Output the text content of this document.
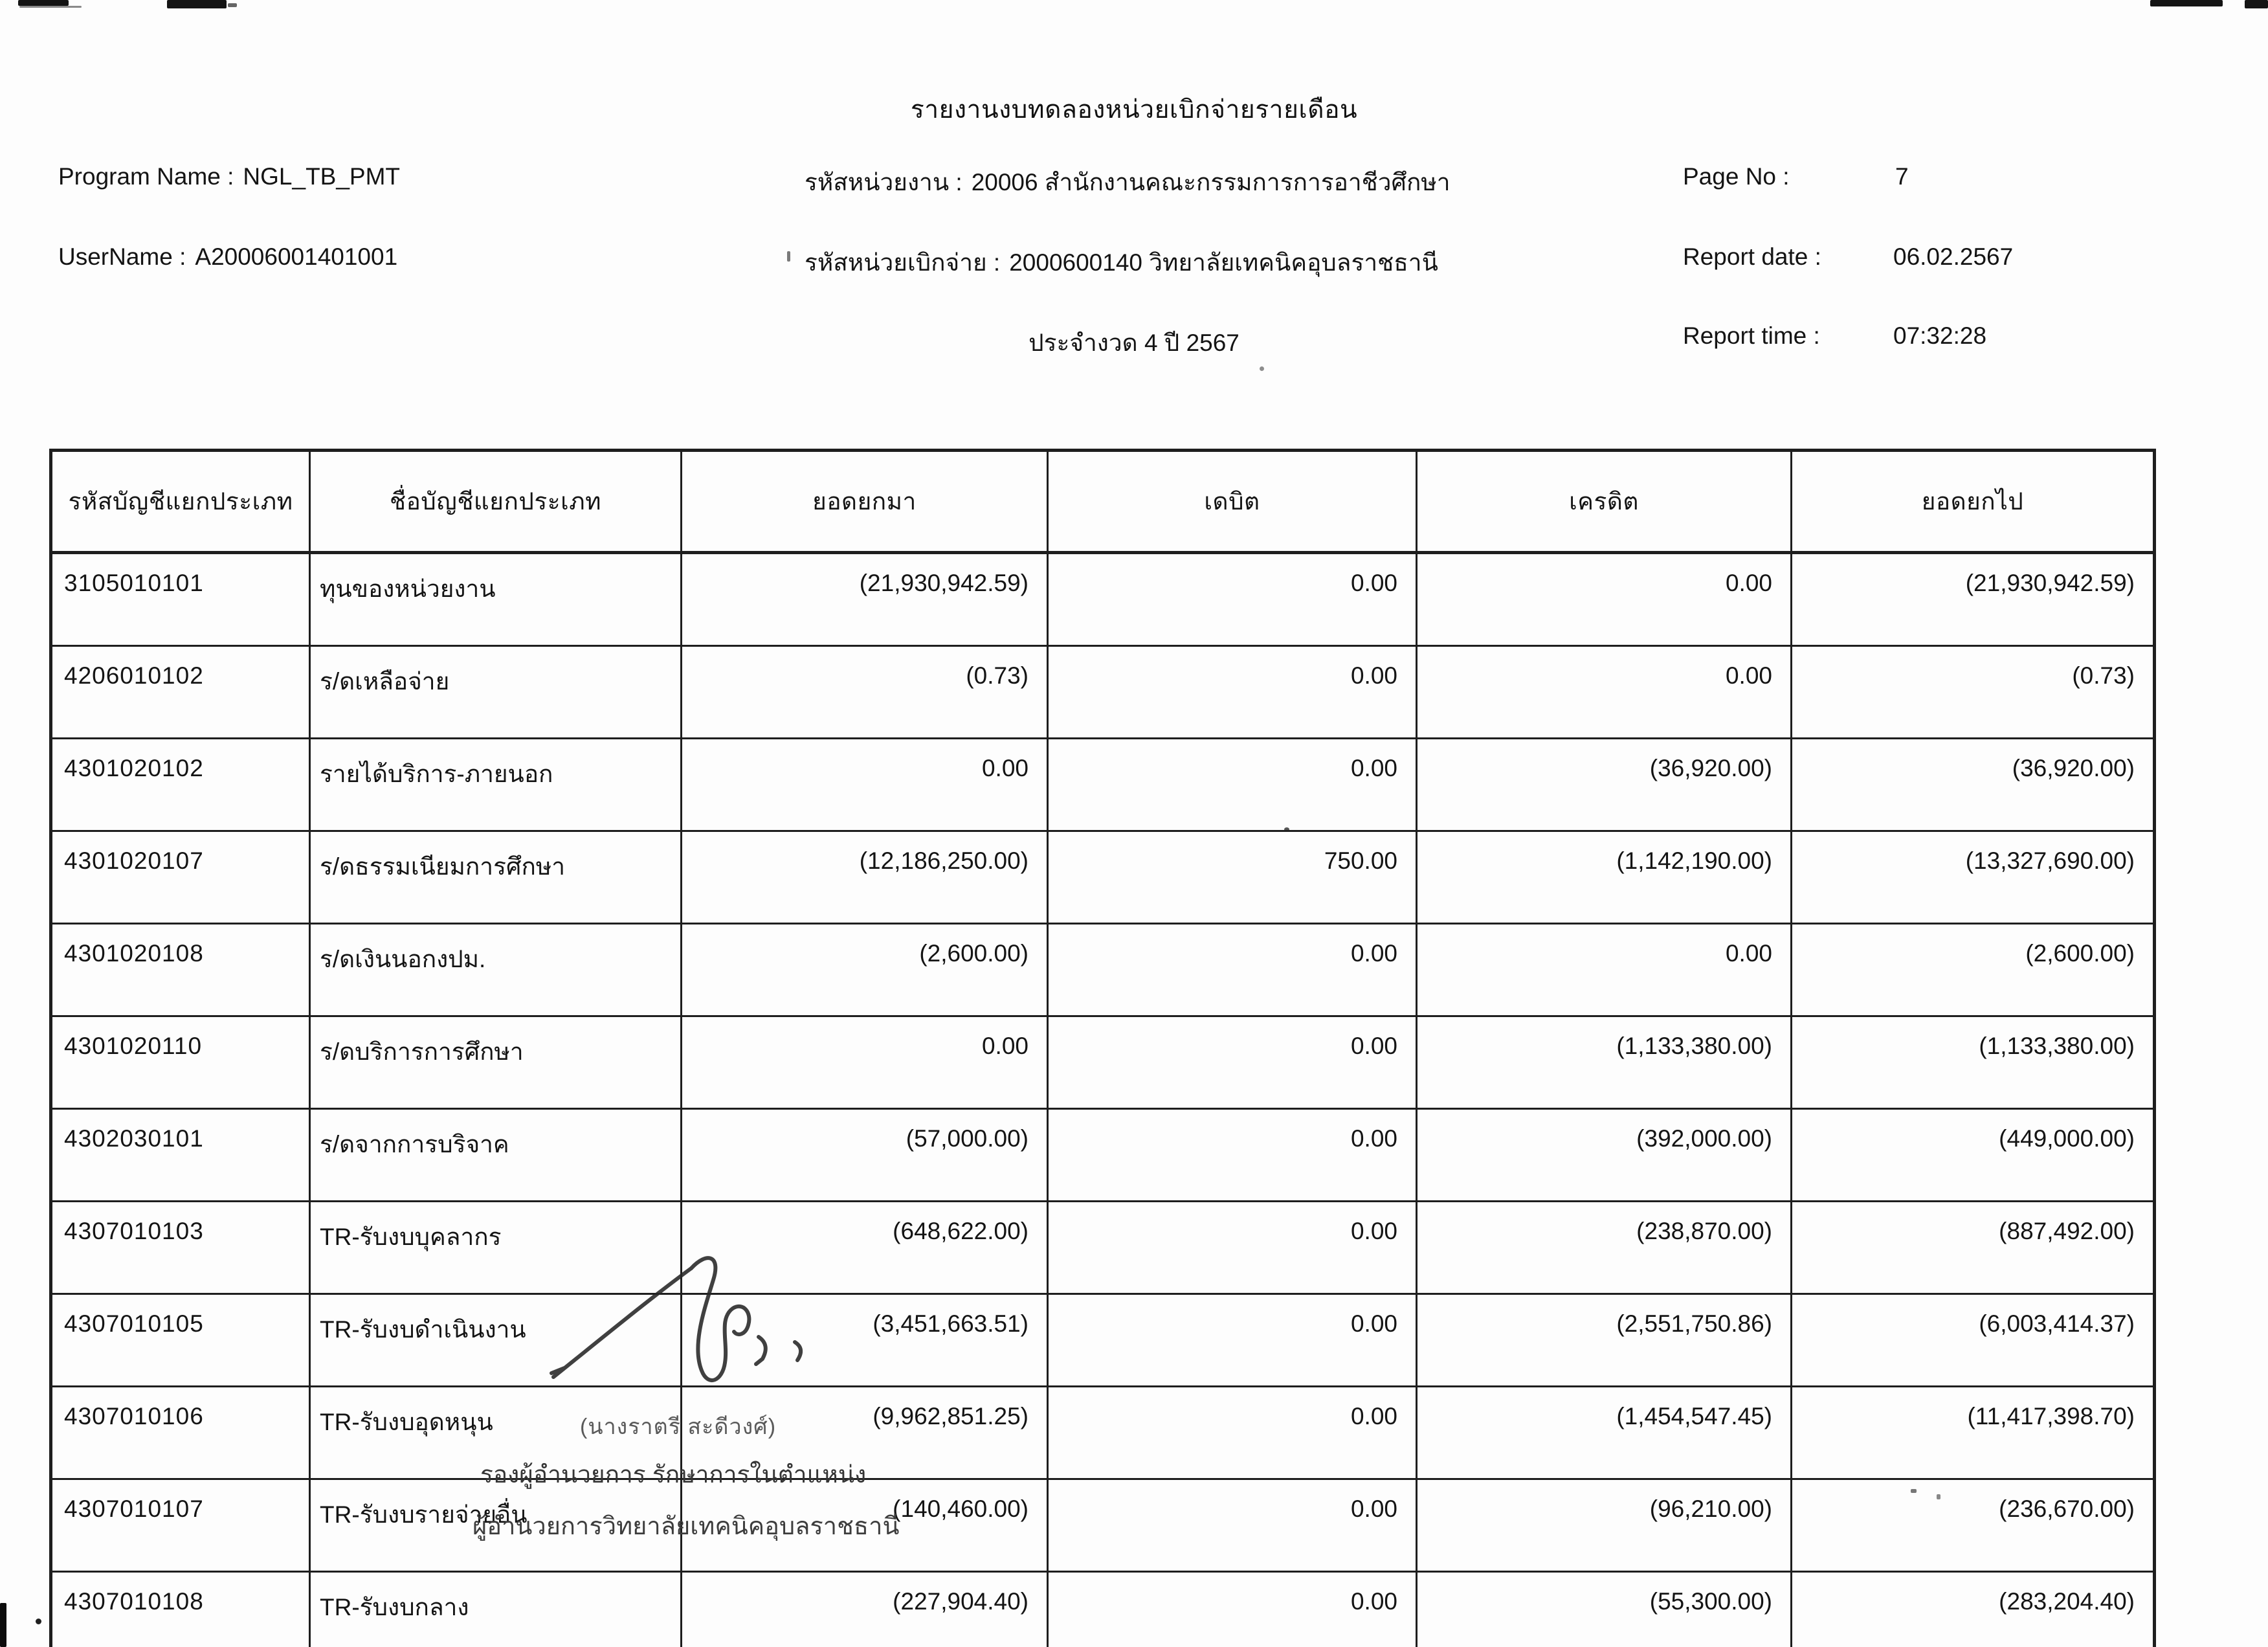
รายงานงบทดลองหน่วยเบิกจ่ายรายเดือน
Program Name : NGL_TB_PMT	รหัสหน่วยงาน : 20006 สำนักงานคณะกรรมการการอาชีวศึกษา	Page No :	7
UserName : A20006001401001	รหัสหน่วยเบิกจ่าย : 2000600140 วิทยาลัยเทคนิคอุบลราชธานี	Report date :	06.02.2567
ประจำงวด 4 ปี 2567	Report time :	07:32:28
รหัสบัญชีแยกประเภท	ชื่อบัญชีแยกประเภท	ยอดยกมา	เดบิต	เครดิต	ยอดยกไป
3105010101	ทุนของหน่วยงาน	(21,930,942.59)	0.00	0.00	(21,930,942.59)
4206010102	ร/ดเหลือจ่าย	(0.73)	0.00	0.00	(0.73)
4301020102	รายได้บริการ-ภายนอก	0.00	0.00	(36,920.00)	(36,920.00)
4301020107	ร/ดธรรมเนียมการศึกษา	(12,186,250.00)	750.00	(1,142,190.00)	(13,327,690.00)
4301020108	ร/ดเงินนอกงปม.	(2,600.00)	0.00	0.00	(2,600.00)
4301020110	ร/ดบริการการศึกษา	0.00	0.00	(1,133,380.00)	(1,133,380.00)
4302030101	ร/ดจากการบริจาค	(57,000.00)	0.00	(392,000.00)	(449,000.00)
4307010103	TR-รับงบบุคลากร	(648,622.00)	0.00	(238,870.00)	(887,492.00)
4307010105	TR-รับงบดำเนินงาน	(3,451,663.51)	0.00	(2,551,750.86)	(6,003,414.37)
4307010106	TR-รับงบอุดหนุน	(9,962,851.25)	0.00	(1,454,547.45)	(11,417,398.70)
4307010107	TR-รับงบรายจ่ายอื่น	(140,460.00)	0.00	(96,210.00)	(236,670.00)
4307010108	TR-รับงบกลาง	(227,904.40)	0.00	(55,300.00)	(283,204.40)
(นางราตรี สะดีวงศ์)
รองผู้อำนวยการ รักษาการในตำแหน่ง
ผู้อำนวยการวิทยาลัยเทคนิคอุบลราชธานี
